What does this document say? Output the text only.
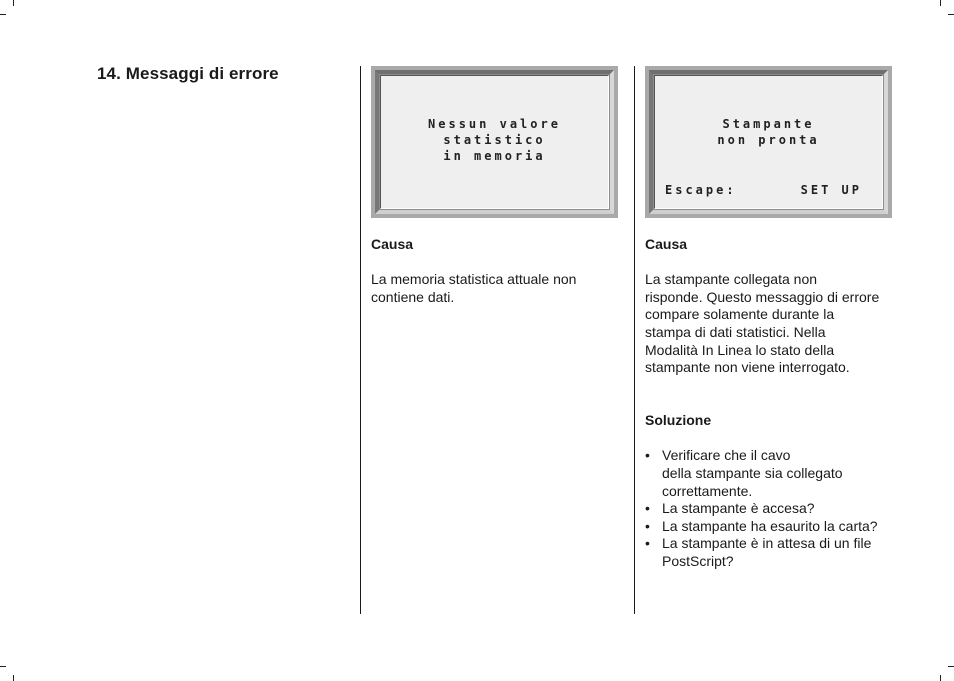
14. Messaggi di errore
Nessun valore
statistico
in memoria
Stampante
non pronta
Escape:	SET UP
Causa

La memoria statistica attuale non
contiene dati.

Causa

La stampante collegata non
risponde. Questo messaggio di errore
compare solamente durante la
stampa di dati statistici. Nella
Modalità In Linea lo stato della
stampante non viene interrogato.

Soluzione
• Verificare che il cavo
della stampante sia collegato
correttamente.
• La stampante è accesa?
• La stampante ha esaurito la carta?
• La stampante è in attesa di un file
PostScript?
